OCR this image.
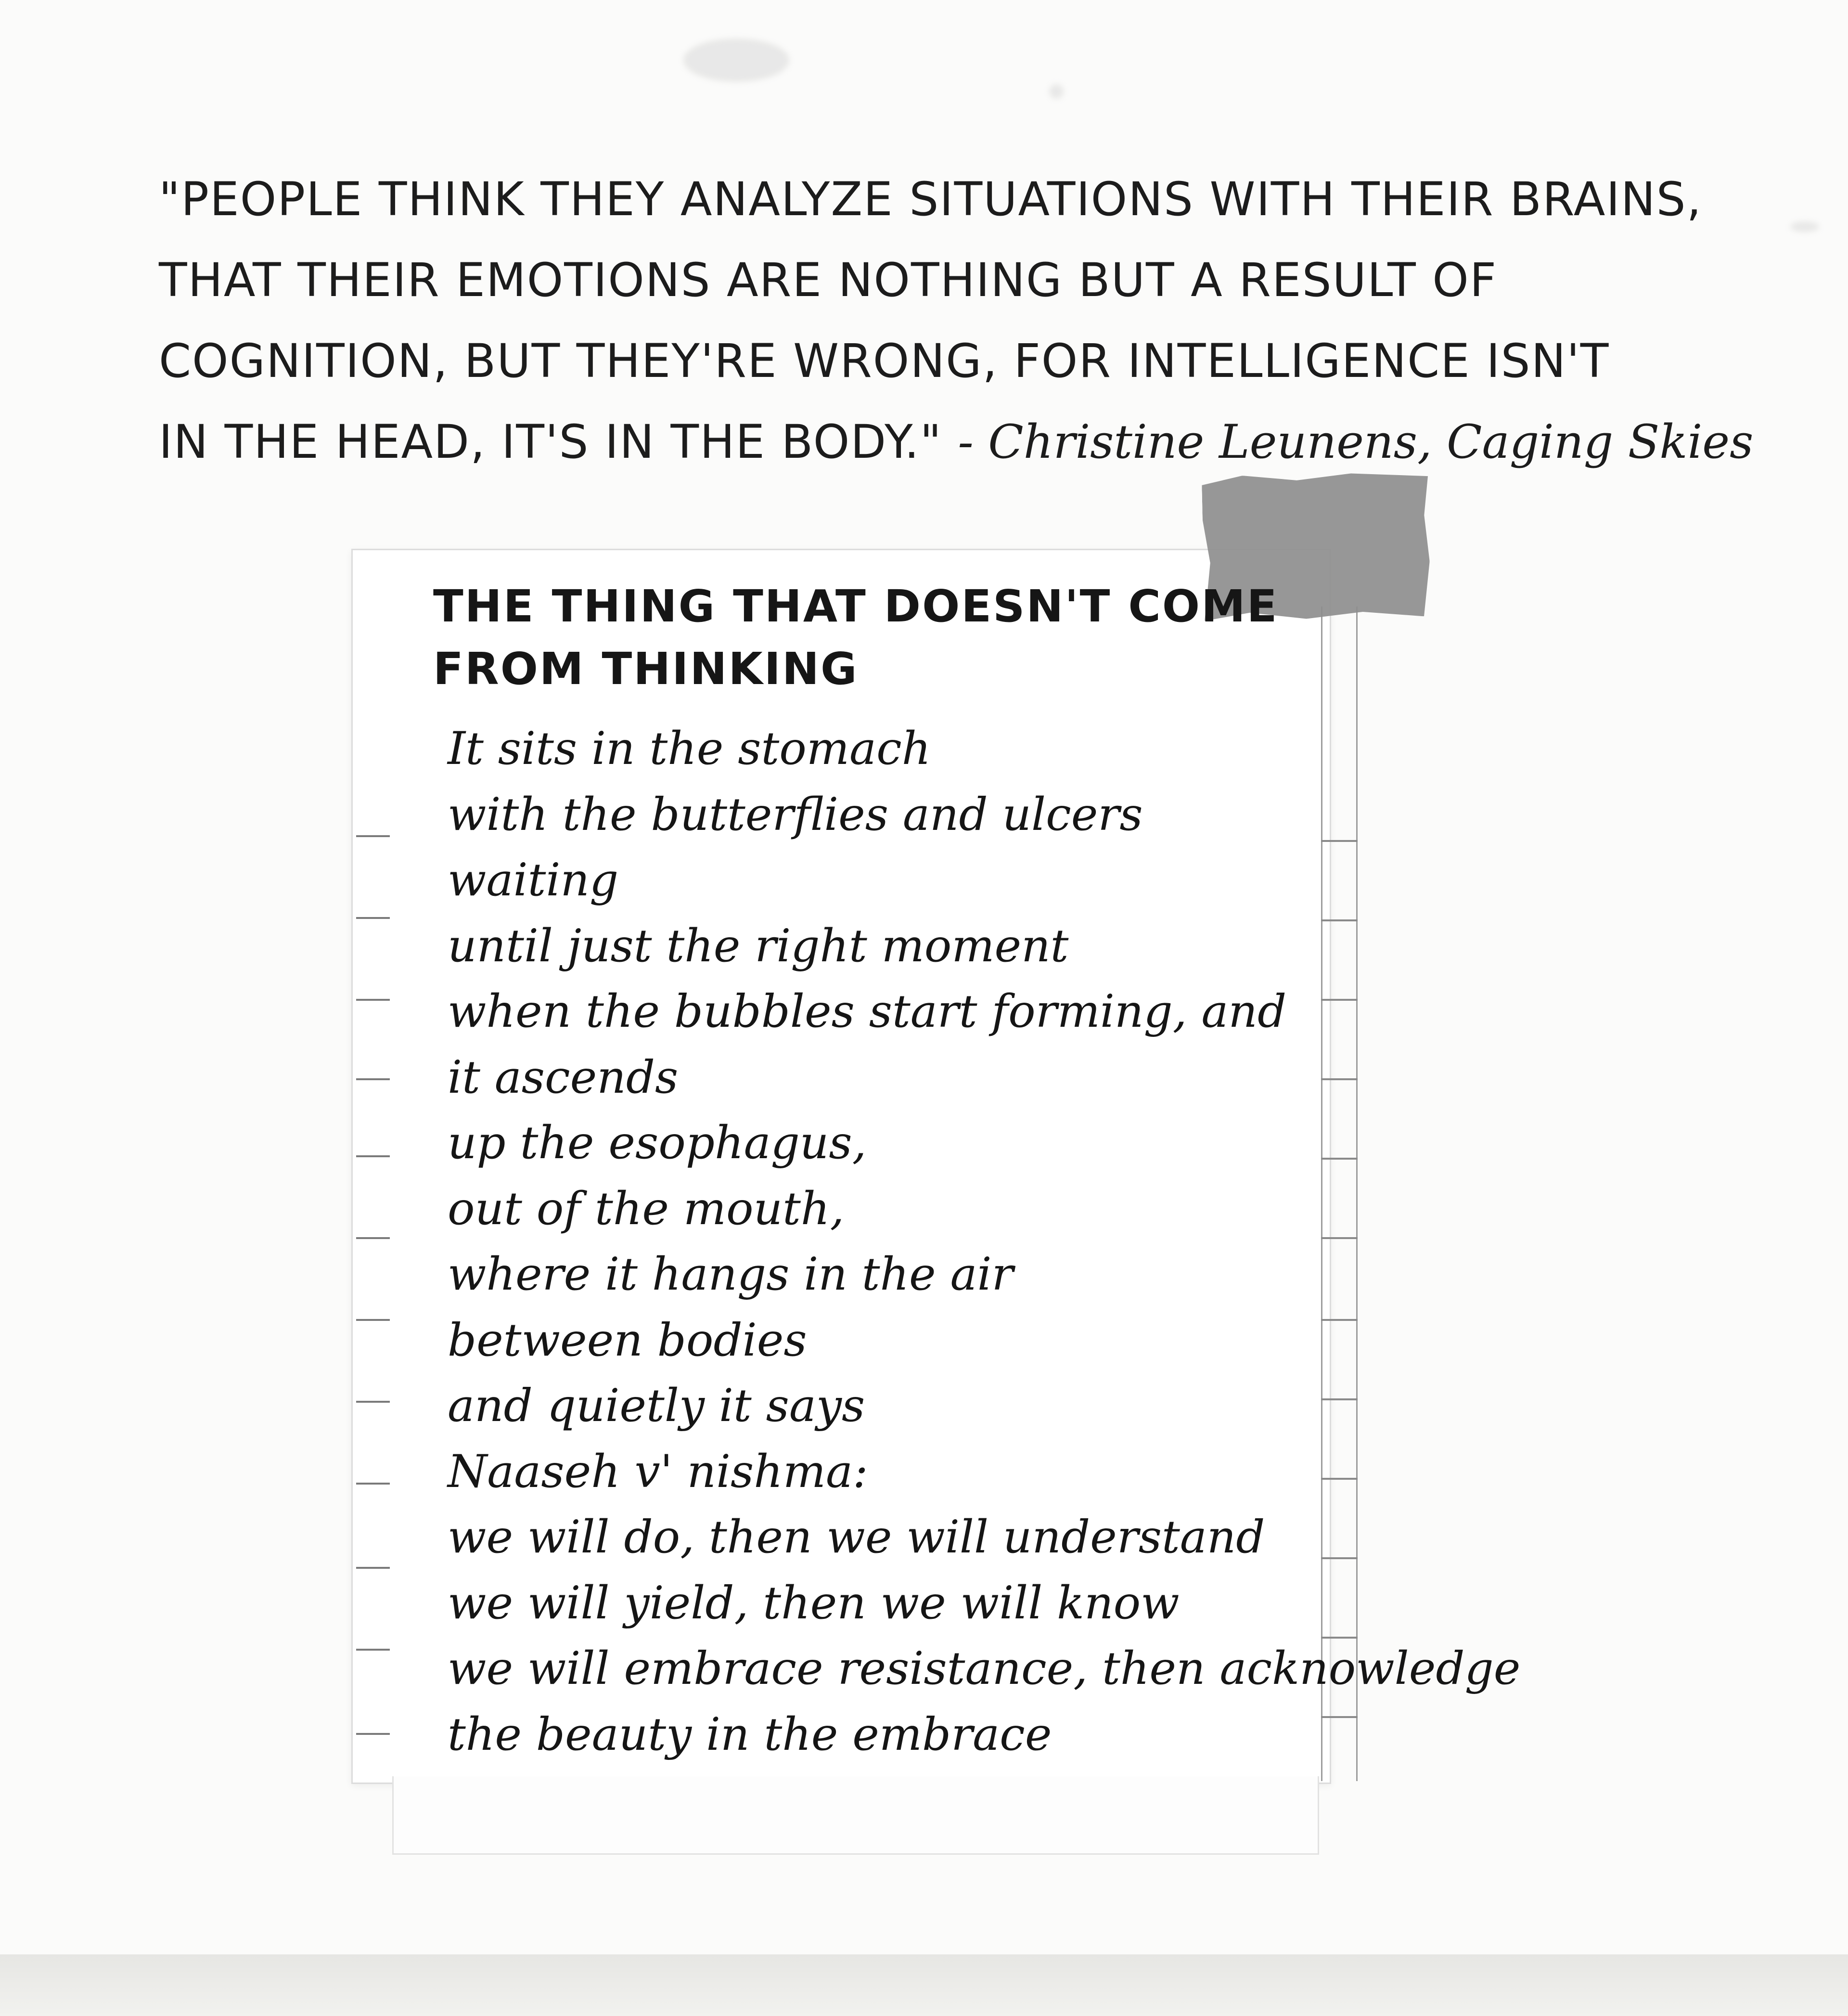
"PEOPLE THINK THEY ANALYZE SITUATIONS WITH THEIR BRAINS,
THAT THEIR EMOTIONS ARE NOTHING BUT A RESULT OF
COGNITION, BUT THEY'RE WRONG, FOR INTELLIGENCE ISN'T
IN THE HEAD, IT'S IN THE BODY." - Christine Leunens, Caging Skies
THE THING THAT DOESN'T COME
FROM THINKING
It sits in the stomach
with the butterflies and ulcers
waiting
until just the right moment
when the bubbles start forming, and
it ascends
up the esophagus,
out of the mouth,
where it hangs in the air
between bodies
and quietly it says
Naaseh v' nishma:
we will do, then we will understand
we will yield, then we will know
we will embrace resistance, then acknowledge
the beauty in the embrace
